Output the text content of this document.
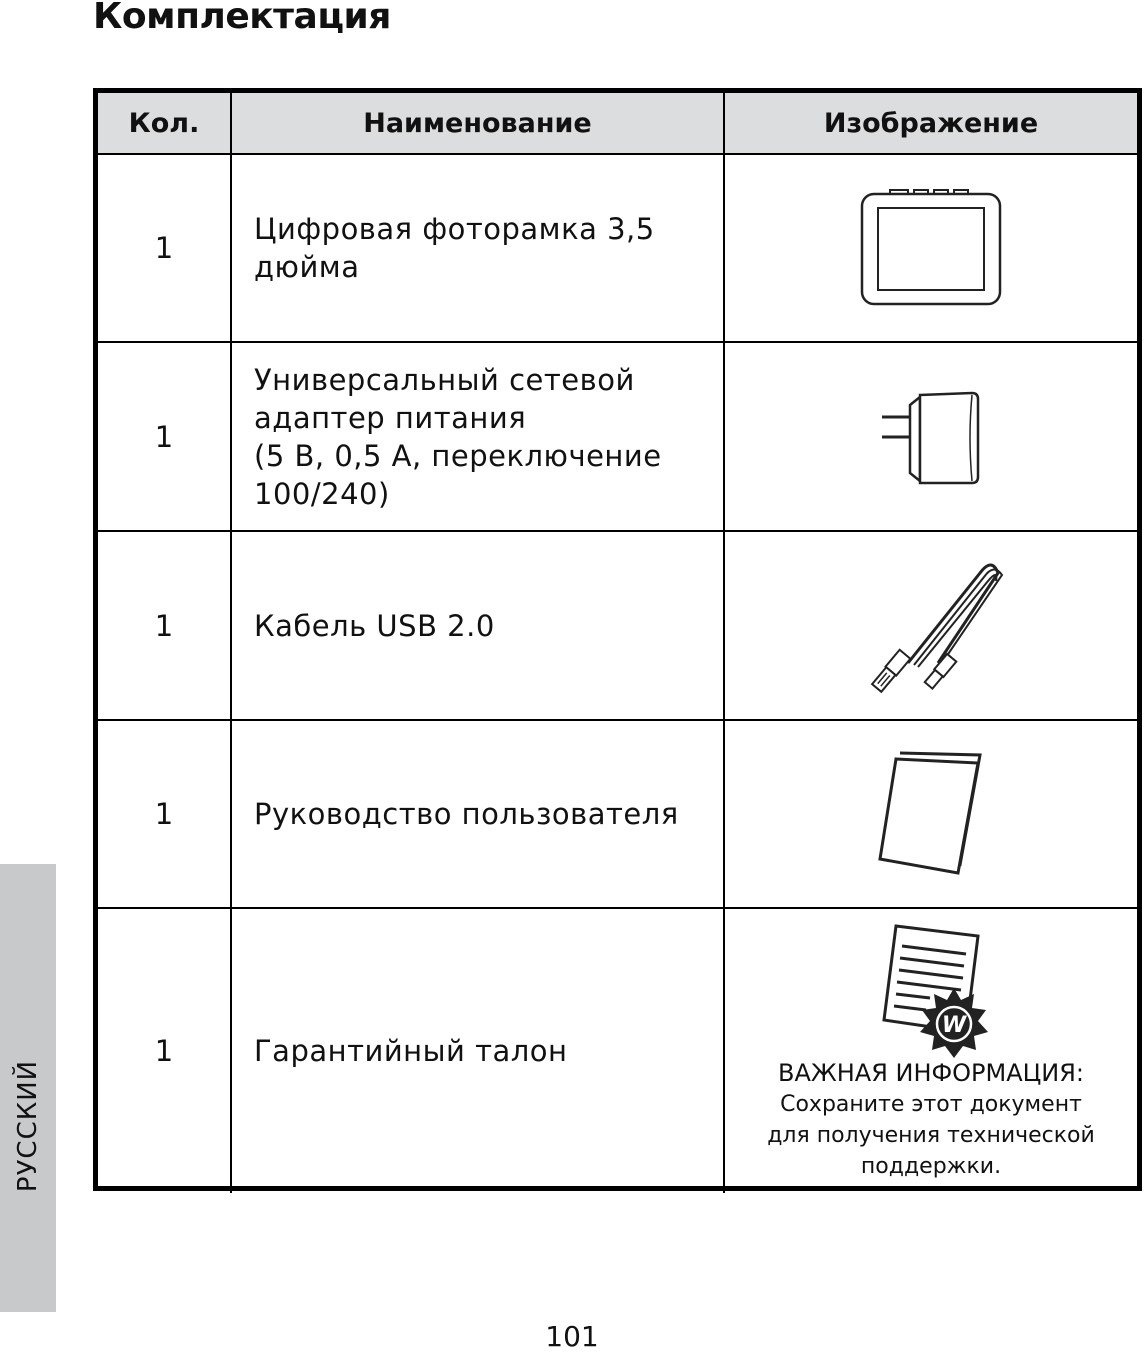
Комплектация
Кол.	Наименование	Изображение
1	Цифровая фоторамка 3,5
дюйма

1	Универсальный сетевой
адаптер питания
(5 В, 0,5 А, переключение
100/240)

1	Кабель USB 2.0

1	Руководство пользователя

1	Гарантийный талон	W
ВАЖНАЯ ИНФОРМАЦИЯ:
Сохраните этот документ
для получения технической
поддержки.
РУССКИЙ
101
